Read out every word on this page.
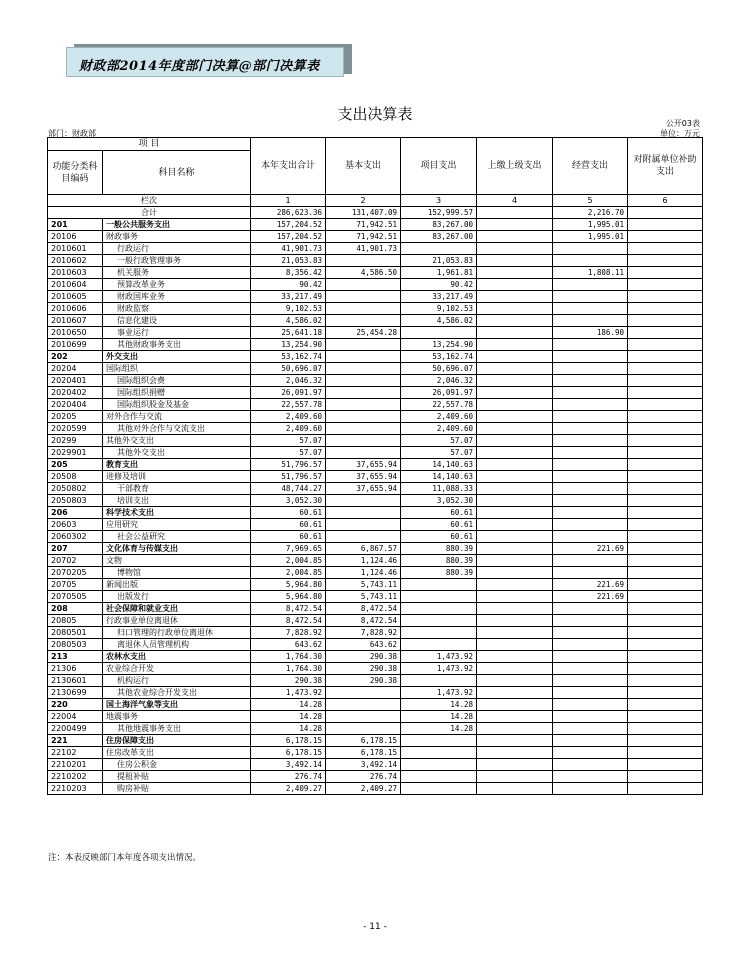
财政部2014年度部门决算@部门决算表
支出决算表
公开03表
部门：财政部	单位：万元
项 目		本年支出合计	基本支出	项目支出	上缴上级支出	经营支出	对附属单位补助支出
功能分类科目编码	科目名称						
栏次		1	2	3	4	5	6
合计		286,623.36	131,407.09	152,999.57		2,216.70	
201	一般公共服务支出	157,204.52	71,942.51	83,267.00		1,995.01	
20106	财政事务	157,204.52	71,942.51	83,267.00		1,995.01	
2010601	行政运行	41,901.73	41,901.73				
2010602	一般行政管理事务	21,053.83		21,053.83			
2010603	机关服务	8,356.42	4,586.50	1,961.81		1,808.11	
2010604	预算改革业务	90.42		90.42			
2010605	财政国库业务	33,217.49		33,217.49			
2010606	财政监察	9,102.53		9,102.53			
2010607	信息化建设	4,586.02		4,586.02			
2010650	事业运行	25,641.18	25,454.28			186.90	
2010699	其他财政事务支出	13,254.90		13,254.90			
202	外交支出	53,162.74		53,162.74			
20204	国际组织	50,696.07		50,696.07			
2020401	国际组织会费	2,046.32		2,046.32			
2020402	国际组织捐赠	26,091.97		26,091.97			
2020404	国际组织股金及基金	22,557.78		22,557.78			
20205	对外合作与交流	2,409.60		2,409.60			
2020599	其他对外合作与交流支出	2,409.60		2,409.60			
20299	其他外交支出	57.07		57.07			
2029901	其他外交支出	57.07		57.07			
205	教育支出	51,796.57	37,655.94	14,140.63			
20508	进修及培训	51,796.57	37,655.94	14,140.63			
2050802	干部教育	48,744.27	37,655.94	11,088.33			
2050803	培训支出	3,052.30		3,052.30			
206	科学技术支出	60.61		60.61			
20603	应用研究	60.61		60.61			
2060302	社会公益研究	60.61		60.61			
207	文化体育与传媒支出	7,969.65	6,867.57	880.39		221.69	
20702	文物	2,004.85	1,124.46	880.39			
2070205	博物馆	2,004.85	1,124.46	880.39			
20705	新闻出版	5,964.80	5,743.11			221.69	
2070505	出版发行	5,964.80	5,743.11			221.69	
208	社会保障和就业支出	8,472.54	8,472.54				
20805	行政事业单位离退休	8,472.54	8,472.54				
2080501	归口管理的行政单位离退休	7,828.92	7,828.92				
2080503	离退休人员管理机构	643.62	643.62				
213	农林水支出	1,764.30	290.38	1,473.92			
21306	农业综合开发	1,764.30	290.38	1,473.92			
2130601	机构运行	290.38	290.38				
2130699	其他农业综合开发支出	1,473.92		1,473.92			
220	国土海洋气象等支出	14.28		14.28			
22004	地震事务	14.28		14.28			
2200499	其他地震事务支出	14.28		14.28			
221	住房保障支出	6,178.15	6,178.15				
22102	住房改革支出	6,178.15	6,178.15				
2210201	住房公积金	3,492.14	3,492.14				
2210202	提租补贴	276.74	276.74				
2210203	购房补贴	2,409.27	2,409.27				
注：本表反映部门本年度各项支出情况。
- 11 -
